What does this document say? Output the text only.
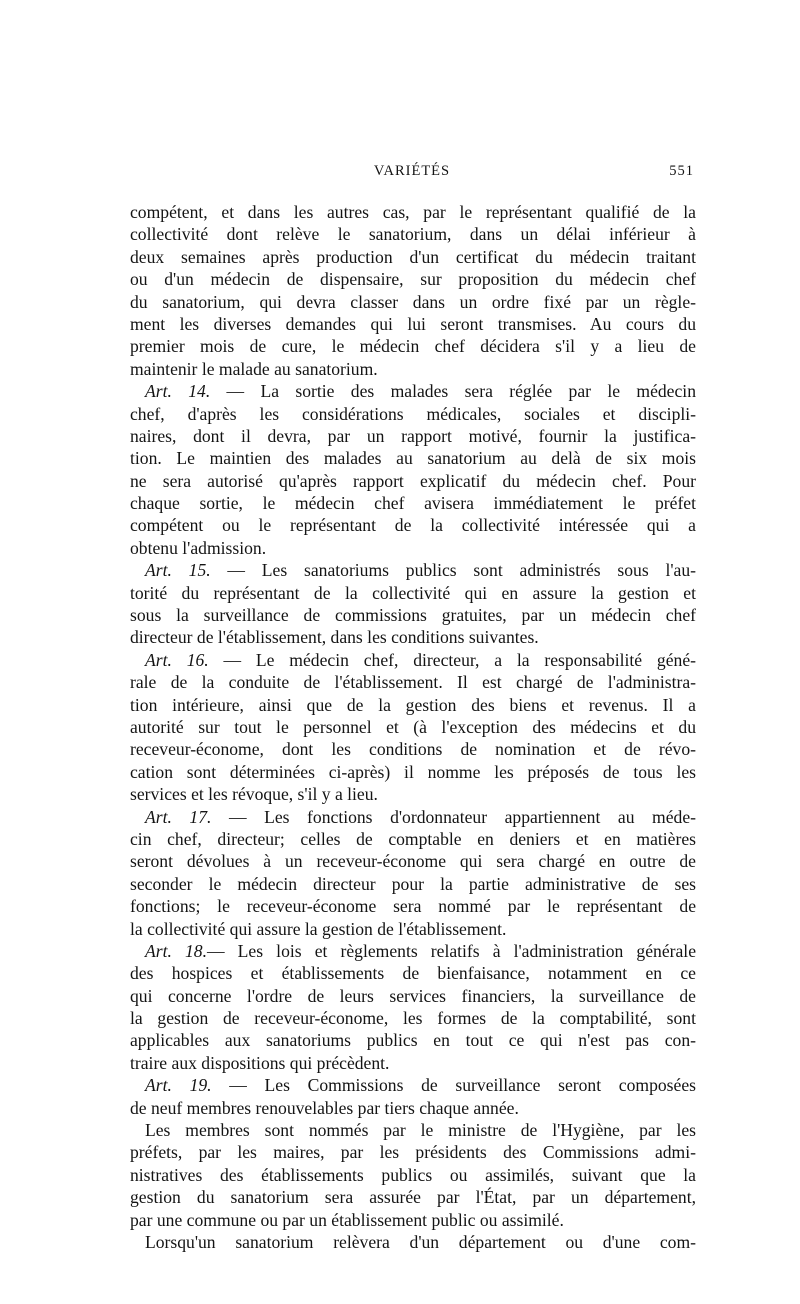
VARIÉTÉS	551
compétent, et dans les autres cas, par le représentant qualifié de la
collectivité dont relève le sanatorium, dans un délai inférieur à
deux semaines après production d'un certificat du médecin traitant
ou d'un médecin de dispensaire, sur proposition du médecin chef
du sanatorium, qui devra classer dans un ordre fixé par un règle-
ment les diverses demandes qui lui seront transmises. Au cours du
premier mois de cure, le médecin chef décidera s'il y a lieu de
maintenir le malade au sanatorium.
Art. 14. — La sortie des malades sera réglée par le médecin
chef, d'après les considérations médicales, sociales et discipli-
naires, dont il devra, par un rapport motivé, fournir la justifica-
tion. Le maintien des malades au sanatorium au delà de six mois
ne sera autorisé qu'après rapport explicatif du médecin chef. Pour
chaque sortie, le médecin chef avisera immédiatement le préfet
compétent ou le représentant de la collectivité intéressée qui a
obtenu l'admission.
Art. 15. — Les sanatoriums publics sont administrés sous l'au-
torité du représentant de la collectivité qui en assure la gestion et
sous la surveillance de commissions gratuites, par un médecin chef
directeur de l'établissement, dans les conditions suivantes.
Art. 16. — Le médecin chef, directeur, a la responsabilité géné-
rale de la conduite de l'établissement. Il est chargé de l'administra-
tion intérieure, ainsi que de la gestion des biens et revenus. Il a
autorité sur tout le personnel et (à l'exception des médecins et du
receveur-économe, dont les conditions de nomination et de révo-
cation sont déterminées ci-après) il nomme les préposés de tous les
services et les révoque, s'il y a lieu.
Art. 17. — Les fonctions d'ordonnateur appartiennent au méde-
cin chef, directeur; celles de comptable en deniers et en matières
seront dévolues à un receveur-économe qui sera chargé en outre de
seconder le médecin directeur pour la partie administrative de ses
fonctions; le receveur-économe sera nommé par le représentant de
la collectivité qui assure la gestion de l'établissement.
Art. 18.— Les lois et règlements relatifs à l'administration générale
des hospices et établissements de bienfaisance, notamment en ce
qui concerne l'ordre de leurs services financiers, la surveillance de
la gestion de receveur-économe, les formes de la comptabilité, sont
applicables aux sanatoriums publics en tout ce qui n'est pas con-
traire aux dispositions qui précèdent.
Art. 19. — Les Commissions de surveillance seront composées
de neuf membres renouvelables par tiers chaque année.
Les membres sont nommés par le ministre de l'Hygiène, par les
préfets, par les maires, par les présidents des Commissions admi-
nistratives des établissements publics ou assimilés, suivant que la
gestion du sanatorium sera assurée par l'État, par un département,
par une commune ou par un établissement public ou assimilé.
Lorsqu'un sanatorium relèvera d'un département ou d'une com-
